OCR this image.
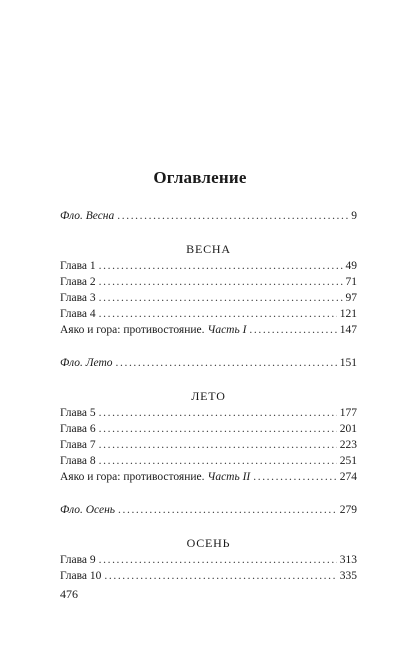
Оглавление
Фло. Весна .....	9
ВЕСНА
Глава 1 .....	49
Глава 2 .....	71
Глава 3 .....	97
Глава 4 .....	121
Аяко и гора: противостояние. Часть I .....	147
Фло. Лето .....	151
ЛЕТО
Глава 5 .....	177
Глава 6 .....	201
Глава 7 .....	223
Глава 8 .....	251
Аяко и гора: противостояние. Часть II .....	274
Фло. Осень .....	279
ОСЕНЬ
Глава 9 .....	313
Глава 10 .....	335
476
